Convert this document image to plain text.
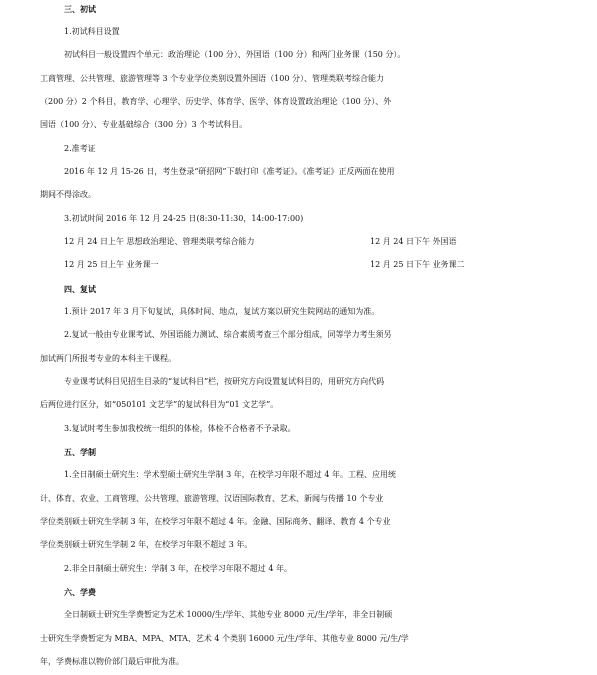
三、初试
1.初试科目设置
初试科目一般设置四个单元：政治理论（100 分）、外国语（100 分）和两门业务课（150 分）。
工商管理、公共管理、旅游管理等 3 个专业学位类别设置外国语（100 分）、管理类联考综合能力
（200 分）2 个科目，教育学、心理学、历史学、体育学、医学、体育设置政治理论（100 分）、外
国语（100 分）、专业基础综合（300 分）3 个考试科目。
2.准考证
2016 年 12 月 15-26 日，考生登录“研招网”下载打印《准考证》。《准考证》正反两面在使用
期间不得涂改。
3.初试时间 2016 年 12 月 24-25 日(8:30-11:30，14:00-17:00)
12 月 24 日上午 思想政治理论、管理类联考综合能力	12 月 24 日下午 外国语
12 月 25 日上午 业务课一	12 月 25 日下午 业务课二
四、复试
1.预计 2017 年 3 月下旬复试，具体时间、地点，复试方案以研究生院网站的通知为准。
2.复试一般由专业课考试、外国语能力测试、综合素质考查三个部分组成，同等学力考生须另
加试两门所报考专业的本科主干课程。
专业课考试科目见招生目录的“复试科目”栏，按研究方向设置复试科目的，用研究方向代码
后两位进行区分，如“050101 文艺学”的复试科目为“01 文艺学”。
3.复试时考生参加我校统一组织的体检，体检不合格者不予录取。
五、学制
1.全日制硕士研究生：学术型硕士研究生学制 3 年，在校学习年限不超过 4 年。工程、应用统
计、体育、农业、工商管理、公共管理、旅游管理、汉语国际教育、艺术、新闻与传播 10 个专业
学位类别硕士研究生学制 3 年，在校学习年限不超过 4 年。金融、国际商务、翻译、教育 4 个专业
学位类别硕士研究生学制 2 年，在校学习年限不超过 3 年。
2.非全日制硕士研究生：学制 3 年，在校学习年限不超过 4 年。
六、学费
全日制硕士研究生学费暂定为艺术 10000/生/学年、其他专业 8000 元/生/学年，非全日制硕
士研究生学费暂定为 MBA、MPA、MTA、艺术 4 个类别 16000 元/生/学年、其他专业 8000 元/生/学
年，学费标准以物价部门最后审批为准。
